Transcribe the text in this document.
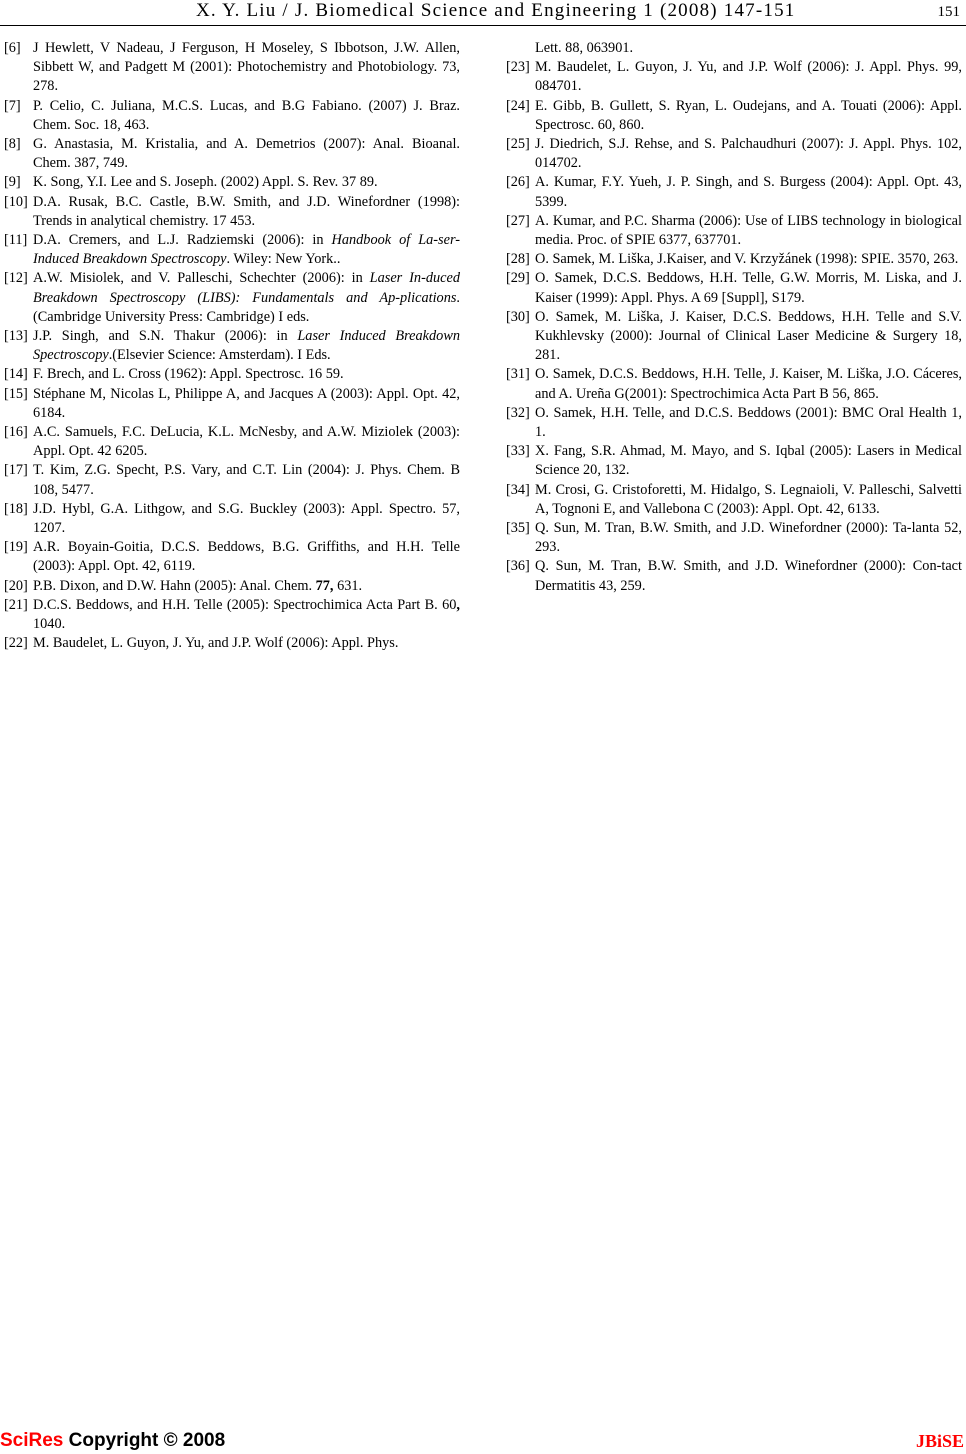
X. Y. Liu / J. Biomedical Science and Engineering 1 (2008) 147-151	151

[6] J Hewlett, V Nadeau, J Ferguson, H Moseley, S Ibbotson, J.W. Allen, Sibbett W, and Padgett M (2001): Photochemistry and Photobiology. 73, 278.

[7] P. Celio, C. Juliana, M.C.S. Lucas, and B.G Fabiano. (2007) J. Braz. Chem. Soc. 18, 463.

[8] G. Anastasia, M. Kristalia, and A. Demetrios (2007): Anal. Bioanal. Chem. 387, 749.

[9] K. Song, Y.I. Lee and S. Joseph. (2002) Appl. S. Rev. 37 89.

[10] D.A. Rusak, B.C. Castle, B.W. Smith, and J.D. Winefordner (1998): Trends in analytical chemistry. 17 453.

[11] D.A. Cremers, and L.J. Radziemski (2006): in Handbook of La-ser-Induced Breakdown Spectroscopy. Wiley: New York..

[12] A.W. Misiolek, and V. Palleschi, Schechter (2006): in Laser In-duced Breakdown Spectroscopy (LIBS): Fundamentals and Ap-plications. (Cambridge University Press: Cambridge) I eds.

[13] J.P. Singh, and S.N. Thakur (2006): in Laser Induced Breakdown Spectroscopy.(Elsevier Science: Amsterdam). I Eds.

[14] F. Brech, and L. Cross (1962): Appl. Spectrosc. 16 59.

[15] Stéphane M, Nicolas L, Philippe A, and Jacques A (2003): Appl. Opt. 42, 6184.

[16] A.C. Samuels, F.C. DeLucia, K.L. McNesby, and A.W. Miziolek (2003): Appl. Opt. 42 6205.

[17] T. Kim, Z.G. Specht, P.S. Vary, and C.T. Lin (2004): J. Phys. Chem. B 108, 5477.

[18] J.D. Hybl, G.A. Lithgow, and S.G. Buckley (2003): Appl. Spectro. 57, 1207.

[19] A.R. Boyain-Goitia, D.C.S. Beddows, B.G. Griffiths, and H.H. Telle (2003): Appl. Opt. 42, 6119.

[20] P.B. Dixon, and D.W. Hahn (2005): Anal. Chem. 77, 631.

[21] D.C.S. Beddows, and H.H. Telle (2005): Spectrochimica Acta Part B. 60, 1040.

[22] M. Baudelet, L. Guyon, J. Yu, and J.P. Wolf (2006): Appl. Phys.

Lett. 88, 063901.

[23] M. Baudelet, L. Guyon, J. Yu, and J.P. Wolf (2006): J. Appl. Phys. 99, 084701.

[24] E. Gibb, B. Gullett, S. Ryan, L. Oudejans, and A. Touati (2006): Appl. Spectrosc. 60, 860.

[25] J. Diedrich, S.J. Rehse, and S. Palchaudhuri (2007): J. Appl. Phys. 102, 014702.

[26] A. Kumar, F.Y. Yueh, J. P. Singh, and S. Burgess (2004): Appl. Opt. 43, 5399.

[27] A. Kumar, and P.C. Sharma (2006): Use of LIBS technology in biological media. Proc. of SPIE 6377, 637701.

[28] O. Samek, M. Liška, J.Kaiser, and V. Krzyžánek (1998): SPIE. 3570, 263.

[29] O. Samek, D.C.S. Beddows, H.H. Telle, G.W. Morris, M. Liska, and J. Kaiser (1999): Appl. Phys. A 69 [Suppl], S179.

[30] O. Samek, M. Liška, J. Kaiser, D.C.S. Beddows, H.H. Telle and S.V. Kukhlevsky (2000): Journal of Clinical Laser Medicine & Surgery 18, 281.

[31] O. Samek, D.C.S. Beddows, H.H. Telle, J. Kaiser, M. Liška, J.O. Cáceres, and A. Ureña G(2001): Spectrochimica Acta Part B 56, 865.

[32] O. Samek, H.H. Telle, and D.C.S. Beddows (2001): BMC Oral Health 1, 1.

[33] X. Fang, S.R. Ahmad, M. Mayo, and S. Iqbal (2005): Lasers in Medical Science 20, 132.

[34] M. Crosi, G. Cristoforetti, M. Hidalgo, S. Legnaioli, V. Palleschi, Salvetti A, Tognoni E, and Vallebona C (2003): Appl. Opt. 42, 6133.

[35] Q. Sun, M. Tran, B.W. Smith, and J.D. Winefordner (2000): Ta-lanta 52, 293.

[36] Q. Sun, M. Tran, B.W. Smith, and J.D. Winefordner (2000): Con-tact Dermatitis 43, 259.

SciRes Copyright © 2008	JBiSE
